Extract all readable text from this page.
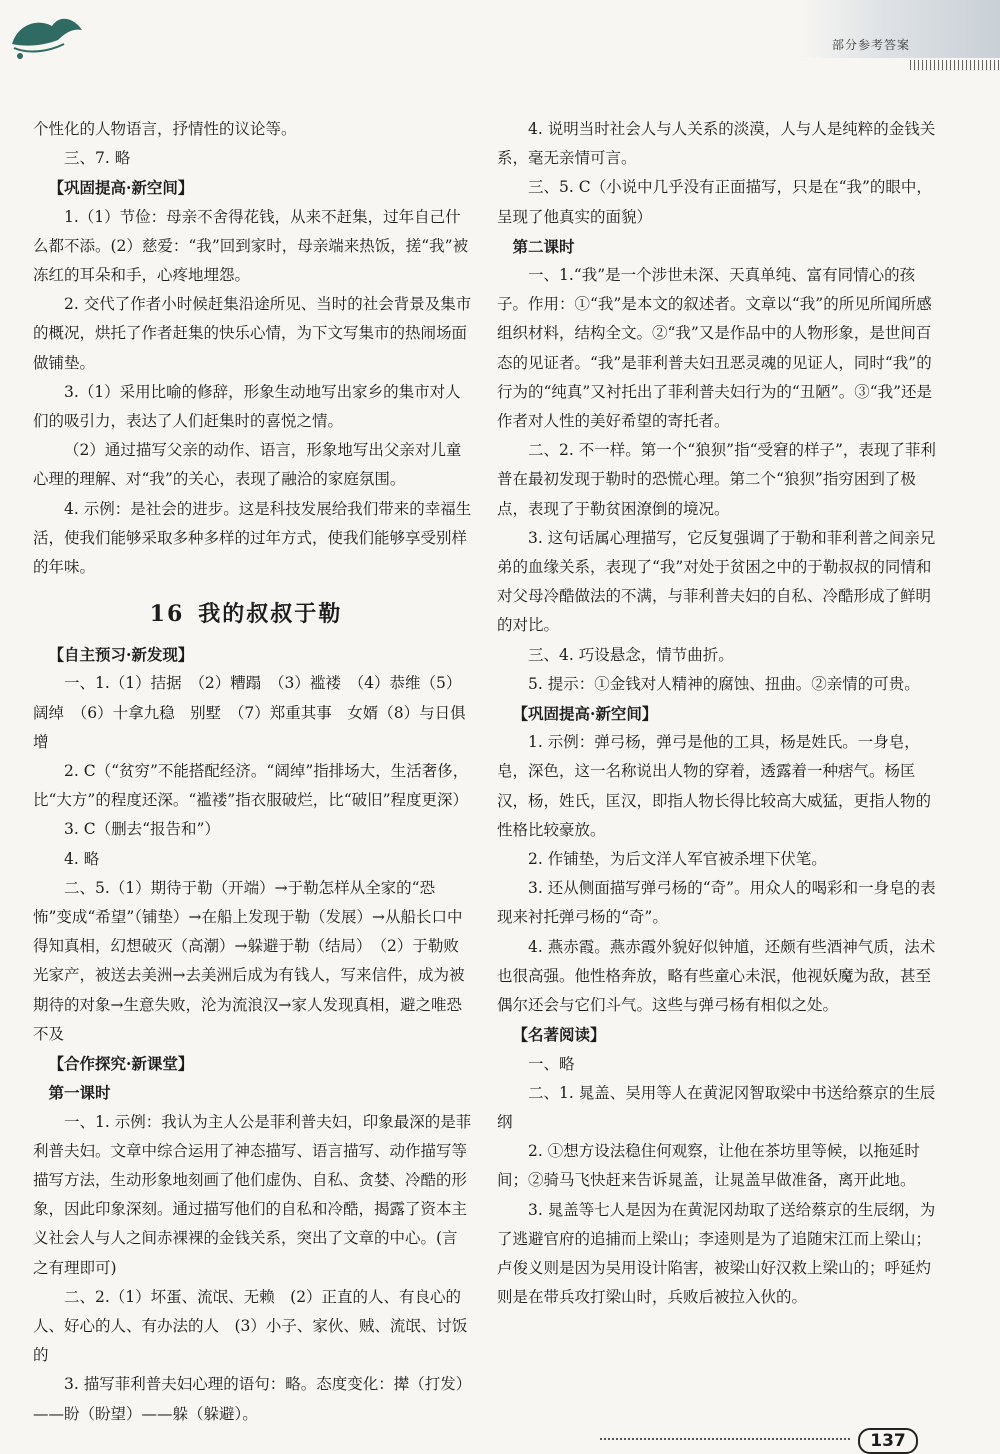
部分参考答案

个性化的人物语言，抒情性的议论等。

三、7. 略

【巩固提高·新空间】

1.（1）节俭：母亲不舍得花钱，从来不赶集，过年自己什么都不添。(2）慈爱：“我”回到家时，母亲端来热饭，搓“我”被冻红的耳朵和手，心疼地埋怨。

2. 交代了作者小时候赶集沿途所见、当时的社会背景及集市的概况，烘托了作者赶集的快乐心情，为下文写集市的热闹场面做铺垫。

3.（1）采用比喻的修辞，形象生动地写出家乡的集市对人们的吸引力，表达了人们赶集时的喜悦之情。

（2）通过描写父亲的动作、语言，形象地写出父亲对儿童心理的理解、对“我”的关心，表现了融洽的家庭氛围。

4. 示例：是社会的进步。这是科技发展给我们带来的幸福生活，使我们能够采取多种多样的过年方式，使我们能够享受别样的年味。

16 我的叔叔于勒

【自主预习·新发现】

一、1.（1）拮据　（2）糟蹋　（3）褴褛　（4）恭维（5）阔绰　（6）十拿九稳　别墅　（7）郑重其事　女婿（8）与日俱增

2. C（“贫穷”不能搭配经济。“阔绰”指排场大，生活奢侈，比“大方”的程度还深。“褴褛”指衣服破烂，比“破旧”程度更深）

3. C（删去“报告和”）

4. 略

二、5.（1）期待于勒（开端）→于勒怎样从全家的“恐怖”变成“希望”（铺垫）→在船上发现于勒（发展）→从船长口中得知真相，幻想破灭（高潮）→躲避于勒（结局）　（2）于勒败光家产，被送去美洲→去美洲后成为有钱人，写来信件，成为被期待的对象→生意失败，沦为流浪汉→家人发现真相，避之唯恐不及

【合作探究·新课堂】

第一课时

一、1. 示例：我认为主人公是菲利普夫妇，印象最深的是菲利普夫妇。文章中综合运用了神态描写、语言描写、动作描写等描写方法，生动形象地刻画了他们虚伪、自私、贪婪、冷酷的形象，因此印象深刻。通过描写他们的自私和冷酷，揭露了资本主义社会人与人之间赤裸裸的金钱关系，突出了文章的中心。(言之有理即可)

二、2.（1）坏蛋、流氓、无赖　(2）正直的人、有良心的人、好心的人、有办法的人　(3）小子、家伙、贼、流氓、讨饭的

3. 描写菲利普夫妇心理的语句：略。态度变化：撵（打发）——盼（盼望）——躲（躲避）。

4. 说明当时社会人与人关系的淡漠，人与人是纯粹的金钱关系，毫无亲情可言。

三、5. C（小说中几乎没有正面描写，只是在“我”的眼中，呈现了他真实的面貌）

第二课时

一、1.“我”是一个涉世未深、天真单纯、富有同情心的孩子。作用：①“我”是本文的叙述者。文章以“我”的所见所闻所感组织材料，结构全文。②“我”又是作品中的人物形象，是世间百态的见证者。“我”是菲利普夫妇丑恶灵魂的见证人，同时“我”的行为的“纯真”又衬托出了菲利普夫妇行为的“丑陋”。③“我”还是作者对人性的美好希望的寄托者。

二、2. 不一样。第一个“狼狈”指“受窘的样子”，表现了菲利普在最初发现于勒时的恐慌心理。第二个“狼狈”指穷困到了极点，表现了于勒贫困潦倒的境况。

3. 这句话属心理描写，它反复强调了于勒和菲利普之间亲兄弟的血缘关系，表现了“我”对处于贫困之中的于勒叔叔的同情和对父母冷酷做法的不满，与菲利普夫妇的自私、冷酷形成了鲜明的对比。

三、4. 巧设悬念，情节曲折。

5. 提示：①金钱对人精神的腐蚀、扭曲。②亲情的可贵。

【巩固提高·新空间】

1. 示例：弹弓杨，弹弓是他的工具，杨是姓氏。一身皂，皂，深色，这一名称说出人物的穿着，透露着一种痞气。杨匡汉，杨，姓氏，匡汉，即指人物长得比较高大威猛，更指人物的性格比较豪放。

2. 作铺垫，为后文洋人军官被杀埋下伏笔。

3. 还从侧面描写弹弓杨的“奇”。用众人的喝彩和一身皂的表现来衬托弹弓杨的“奇”。

4. 燕赤霞。燕赤霞外貌好似钟馗，还颇有些酒神气质，法术也很高强。他性格奔放，略有些童心未泯，他视妖魔为敌，甚至偶尔还会与它们斗气。这些与弹弓杨有相似之处。

【名著阅读】

一、略

二、1. 晁盖、吴用等人在黄泥冈智取梁中书送给蔡京的生辰纲

2. ①想方设法稳住何观察，让他在茶坊里等候，以拖延时间；②骑马飞快赶来告诉晁盖，让晁盖早做准备，离开此地。

3. 晁盖等七人是因为在黄泥冈劫取了送给蔡京的生辰纲，为了逃避官府的追捕而上梁山；李逵则是为了追随宋江而上梁山；卢俊义则是因为吴用设计陷害，被梁山好汉救上梁山的；呼延灼则是在带兵攻打梁山时，兵败后被拉入伙的。

137
